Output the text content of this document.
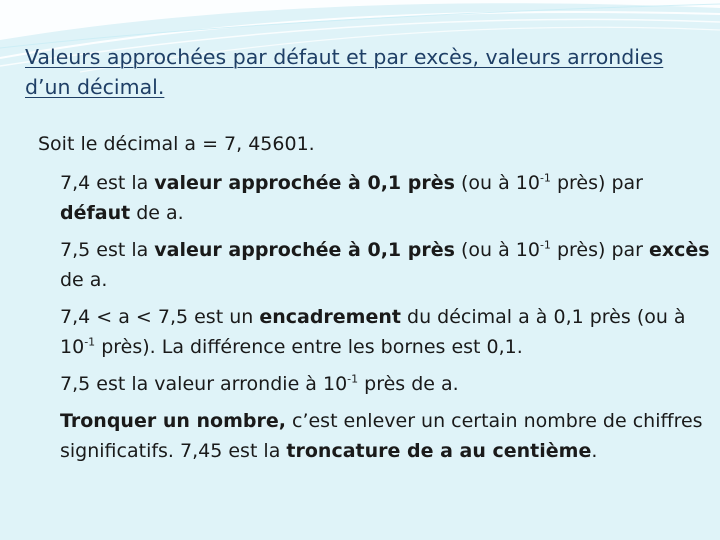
Valeurs approchées par défaut et par excès, valeurs arrondies d’un décimal.
Soit le décimal a = 7, 45601.

7,4 est la valeur approchée à 0,1 près (ou à $10^{-1}$ près) par défaut de a.

7,5 est la valeur approchée à 0,1 près (ou à $10^{-1}$ près) par excès de a.

7,4 < a < 7,5 est un encadrement du décimal a à 0,1 près (ou à $10^{-1}$ près). La différence entre les bornes est 0,1.

7,5 est la valeur arrondie à $10^{-1}$ près de a.

Tronquer un nombre, c’est enlever un certain nombre de chiffres significatifs. 7,45 est la troncature de a au centième.
